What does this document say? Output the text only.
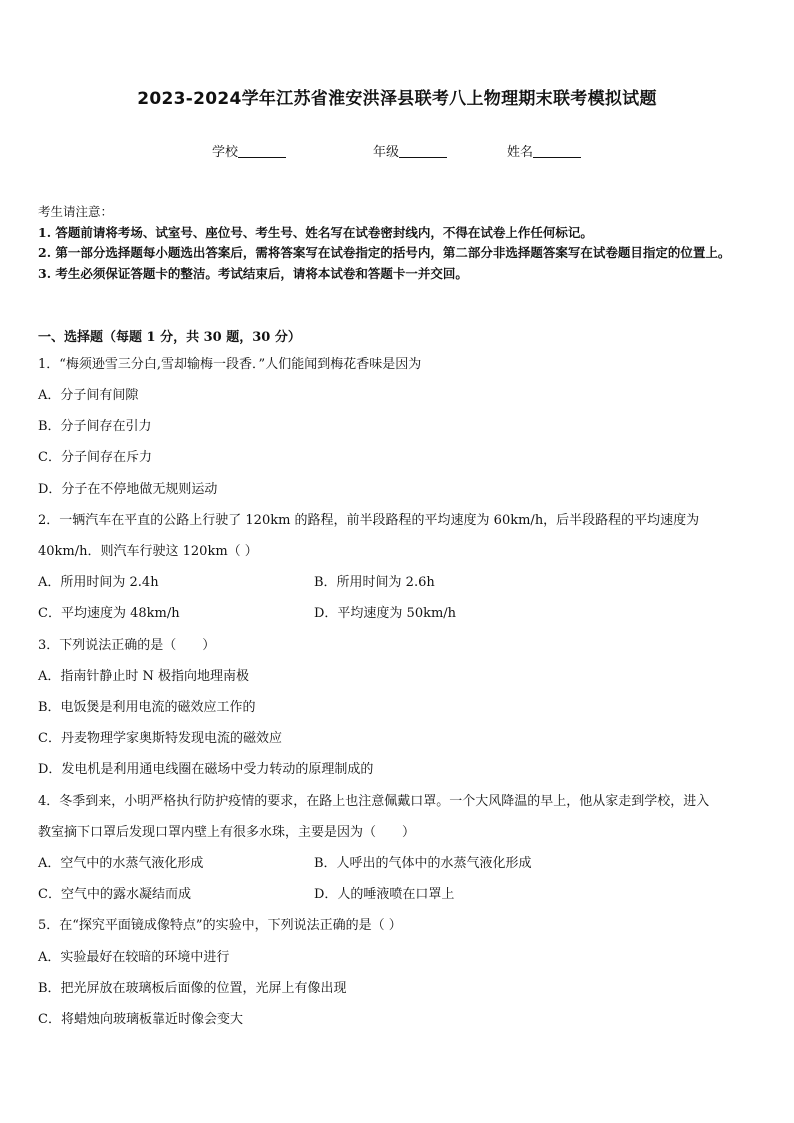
2023-2024学年江苏省淮安洪泽县联考八上物理期末联考模拟试题
学校	年级	姓名
考生请注意：
1. 答题前请将考场、试室号、座位号、考生号、姓名写在试卷密封线内，不得在试卷上作任何标记。
2. 第一部分选择题每小题选出答案后，需将答案写在试卷指定的括号内，第二部分非选择题答案写在试卷题目指定的位置上。
3. 考生必须保证答题卡的整洁。考试结束后，请将本试卷和答题卡一并交回。
一、选择题（每题 1 分，共 30 题，30 分）
1．“梅须逊雪三分白,雪却输梅一段香．”人们能闻到梅花香味是因为
A．分子间有间隙
B．分子间存在引力
C．分子间存在斥力
D．分子在不停地做无规则运动
2．一辆汽车在平直的公路上行驶了 120km 的路程，前半段路程的平均速度为 60km/h，后半段路程的平均速度为
40km/h．则汽车行驶这 120km（ ）
A．所用时间为 2.4h	B．所用时间为 2.6h
C．平均速度为 48km/h	D．平均速度为 50km/h
3．下列说法正确的是（　　）
A．指南针静止时 N 极指向地理南极
B．电饭煲是利用电流的磁效应工作的
C．丹麦物理学家奥斯特发现电流的磁效应
D．发电机是利用通电线圈在磁场中受力转动的原理制成的
4．冬季到来，小明严格执行防护疫情的要求，在路上也注意佩戴口罩。一个大风降温的早上，他从家走到学校，进入
教室摘下口罩后发现口罩内壁上有很多水珠，主要是因为（　　）
A．空气中的水蒸气液化形成	B．人呼出的气体中的水蒸气液化形成
C．空气中的露水凝结而成	D．人的唾液喷在口罩上
5．在“探究平面镜成像特点”的实验中，下列说法正确的是（ ）
A．实验最好在较暗的环境中进行
B．把光屏放在玻璃板后面像的位置，光屏上有像出现
C．将蜡烛向玻璃板靠近时像会变大
